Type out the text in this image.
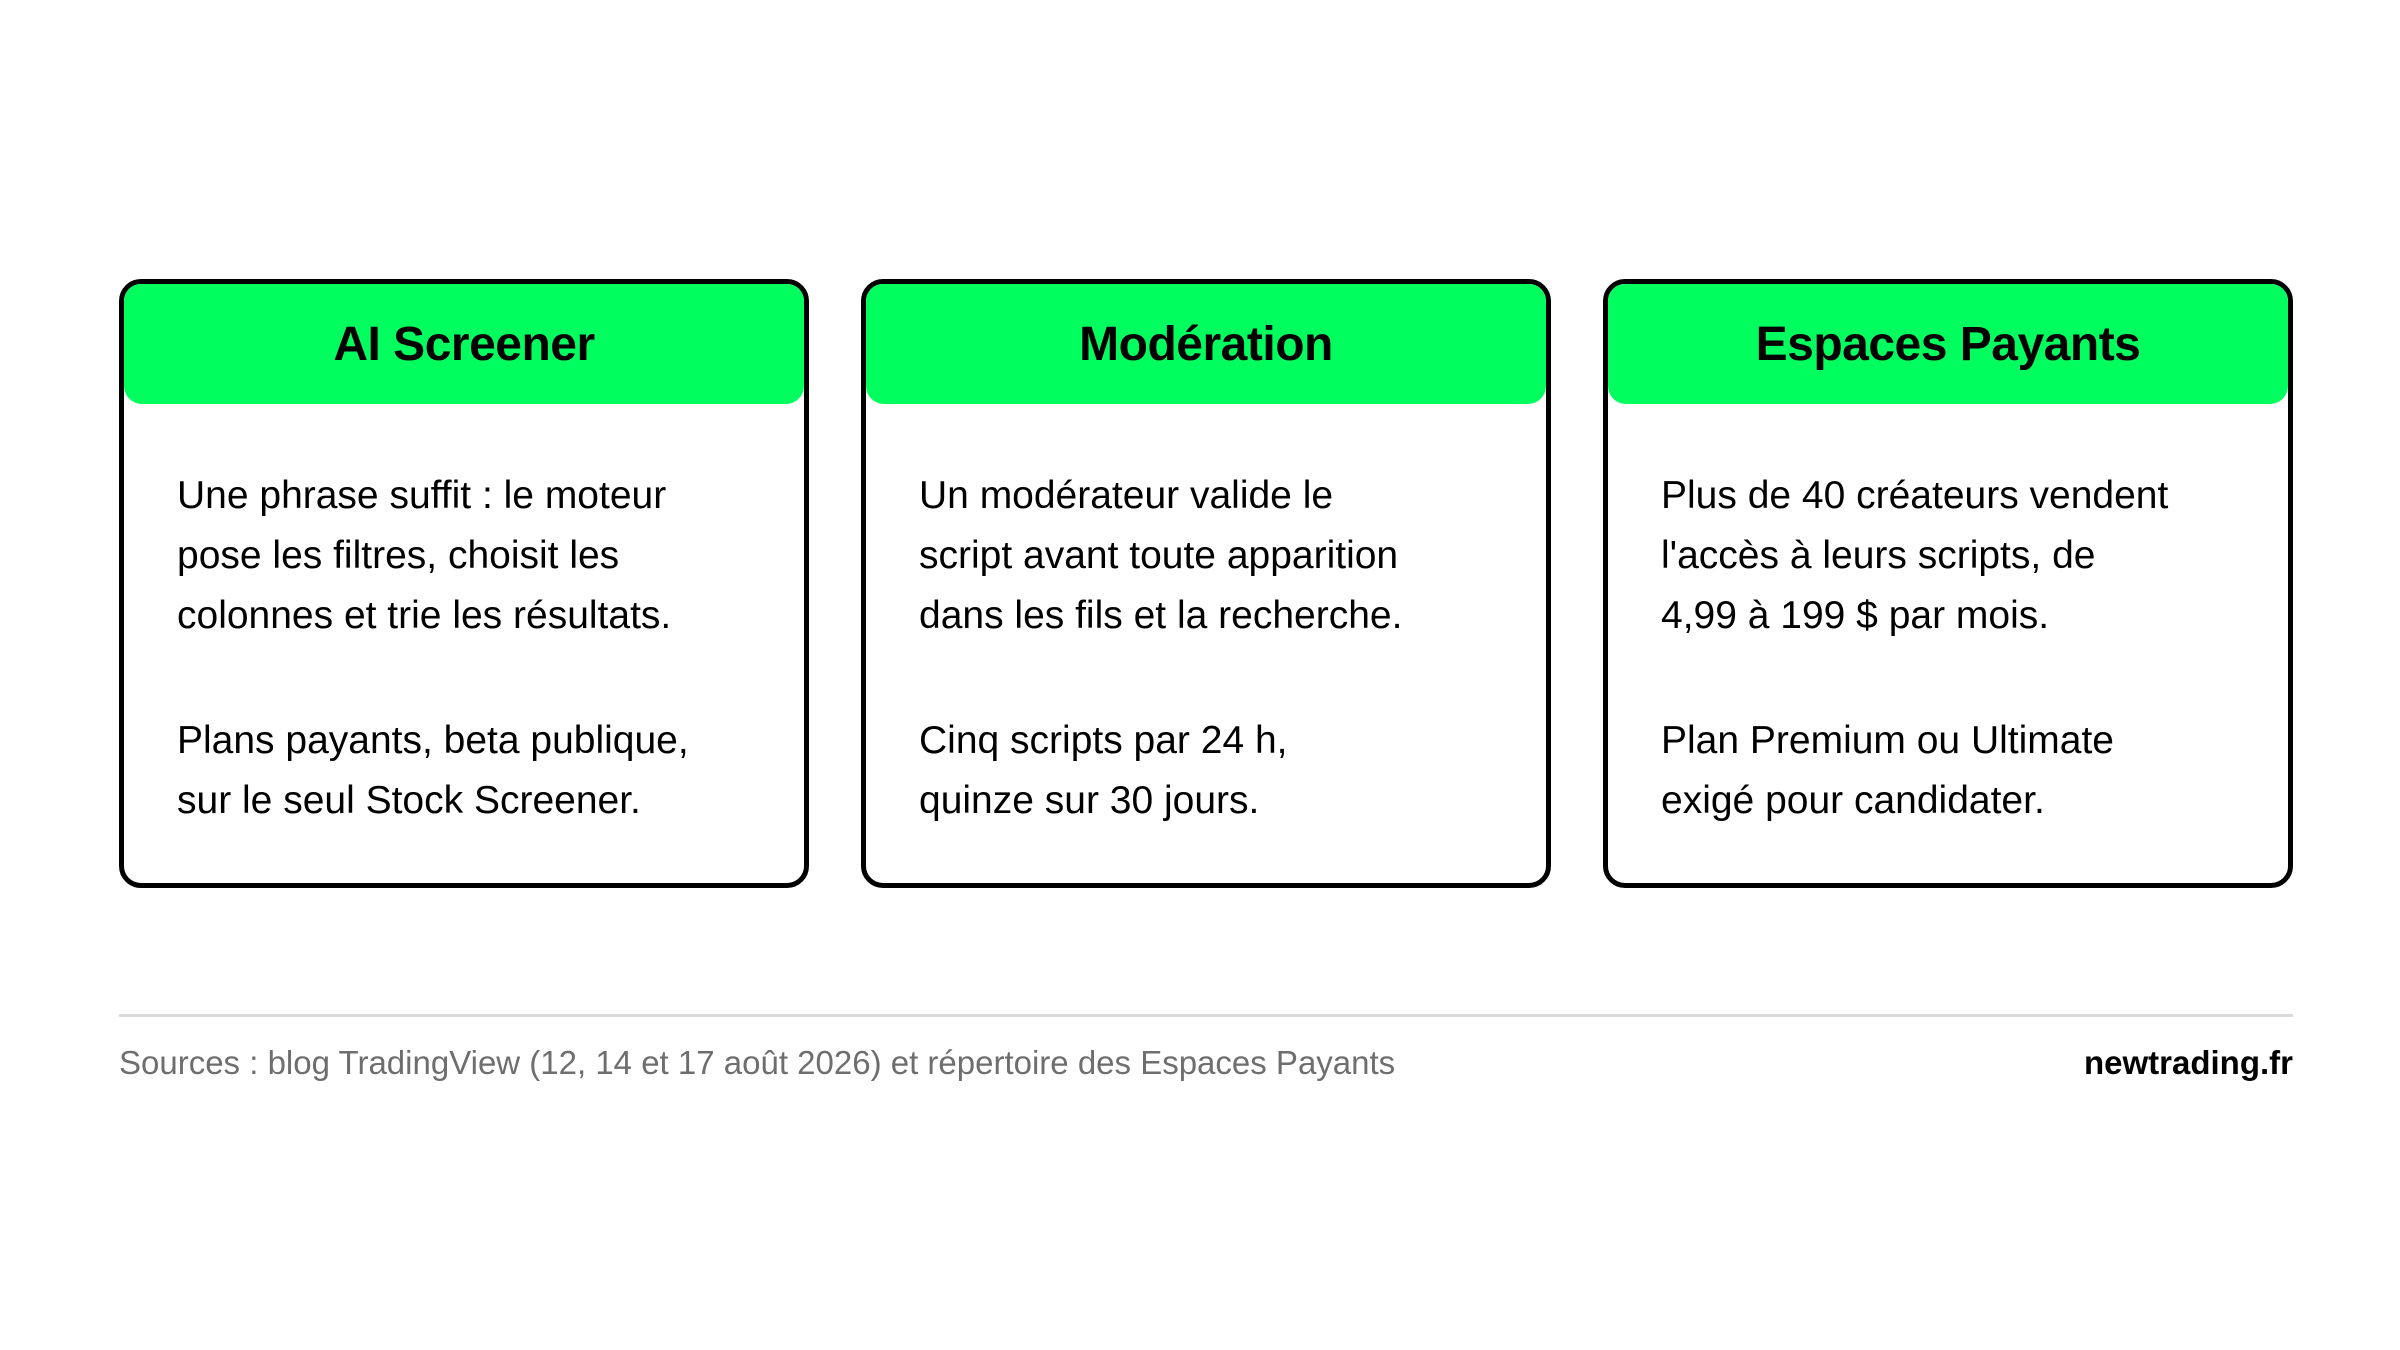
AI Screener

Une phrase suffit : le moteur
pose les filtres, choisit les
colonnes et trie les résultats.

Plans payants, beta publique,
sur le seul Stock Screener.

Modération

Un modérateur valide le
script avant toute apparition
dans les fils et la recherche.

Cinq scripts par 24 h,
quinze sur 30 jours.

Espaces Payants

Plus de 40 créateurs vendent
l'accès à leurs scripts, de
4,99 à 199 $ par mois.

Plan Premium ou Ultimate
exigé pour candidater.

Sources : blog TradingView (12, 14 et 17 août 2026) et répertoire des Espaces Payants	newtrading.fr
